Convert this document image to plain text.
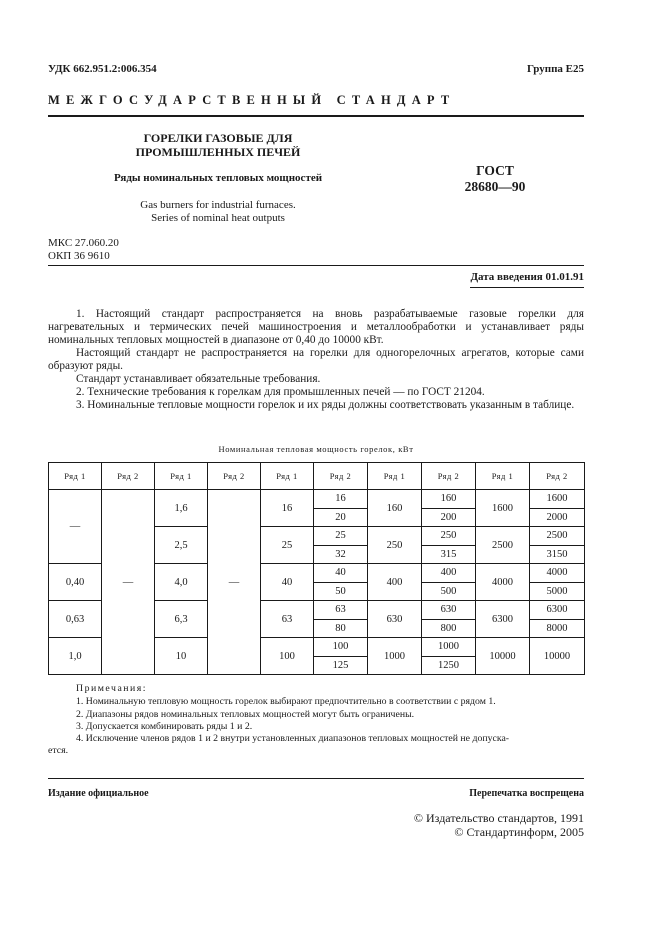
УДК 662.951.2:006.354	Группа Е25
МЕЖГОСУДАРСТВЕННЫЙ СТАНДАРТ
ГОРЕЛКИ ГАЗОВЫЕ ДЛЯ
ПРОМЫШЛЕННЫХ ПЕЧЕЙ
Ряды номинальных тепловых мощностей
Gas burners for industrial furnaces.
Series of nominal heat outputs
ГОСТ
28680—90
МКС 27.060.20
ОКП 36 9610
Дата введения 01.01.91
1. Настоящий стандарт распространяется на вновь разрабатываемые газовые горелки для нагревательных и термических печей машиностроения и металлообработки и устанавливает ряды номинальных тепловых мощностей в диапазоне от 0,40 до 10000 кВт.
Настоящий стандарт не распространяется на горелки для одногорелочных агрегатов, которые сами образуют ряды.
Стандарт устанавливает обязательные требования.
2. Технические требования к горелкам для промышленных печей — по ГОСТ 21204.
3. Номинальные тепловые мощности горелок и их ряды должны соответствовать указанным в таблице.
Номинальная тепловая мощность горелок, кВт
Ряд 1	Ряд 2	Ряд 1	Ряд 2	Ряд 1	Ряд 2	Ряд 1	Ряд 2	Ряд 1	Ряд 2
—	—	1,6	—	16	16	160	160	1600	1600
					20		200		2000
		2,5		25	25	250	250	2500	2500
					32		315		3150
0,40		4,0		40	40	400	400	4000	4000
					50		500		5000
0,63		6,3		63	63	630	630	6300	6300
					80		800		8000
1,0		10		100	100	1000	1000	10000	10000
					125		1250		
Примечания:
1. Номинальную тепловую мощность горелок выбирают предпочтительно в соответствии с рядом 1.
2. Диапазоны рядов номинальных тепловых мощностей могут быть ограничены.
3. Допускается комбинировать ряды 1 и 2.
4. Исключение членов рядов 1 и 2 внутри установленных диапазонов тепловых мощностей не допуска-
ется.
Издание официальное	Перепечатка воспрещена
© Издательство стандартов, 1991
© Стандартинформ, 2005
